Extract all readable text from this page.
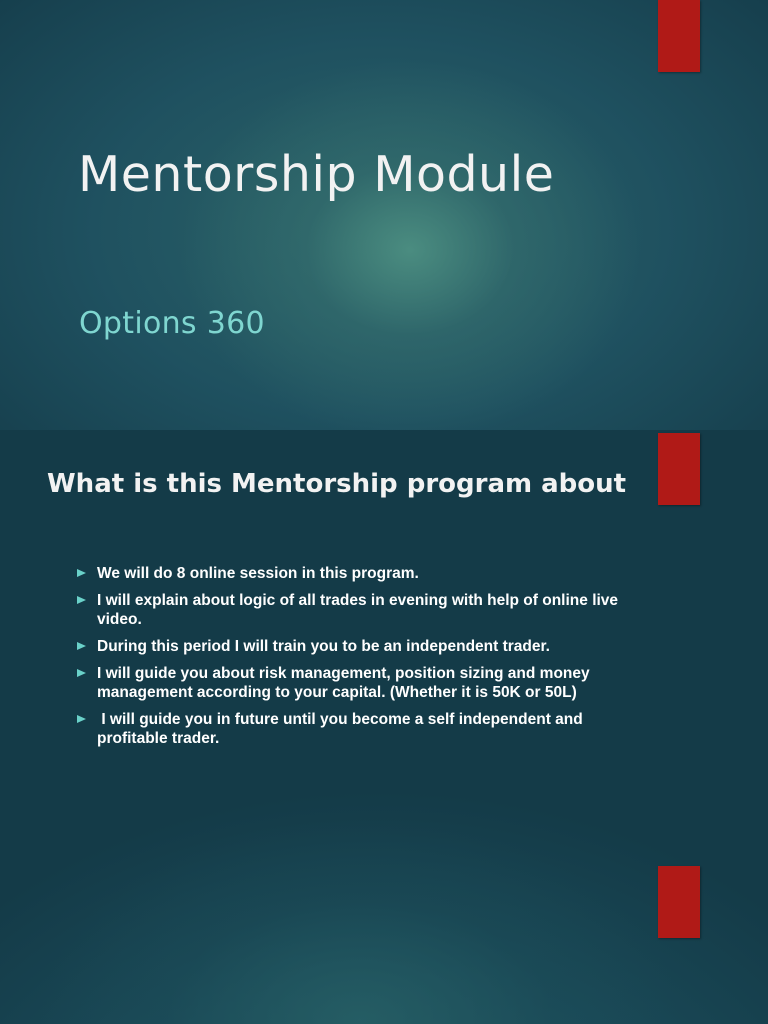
Mentorship Module
Options 360
What is this Mentorship program about
We will do 8 online session in this program.
I will explain about logic of all trades in evening with help of online live video.
During this period I will train you to be an independent trader.
I will guide you about risk management, position sizing and money management according to your capital. (Whether it is 50K or 50L)
I will guide you in future until you become a self independent and profitable trader.
